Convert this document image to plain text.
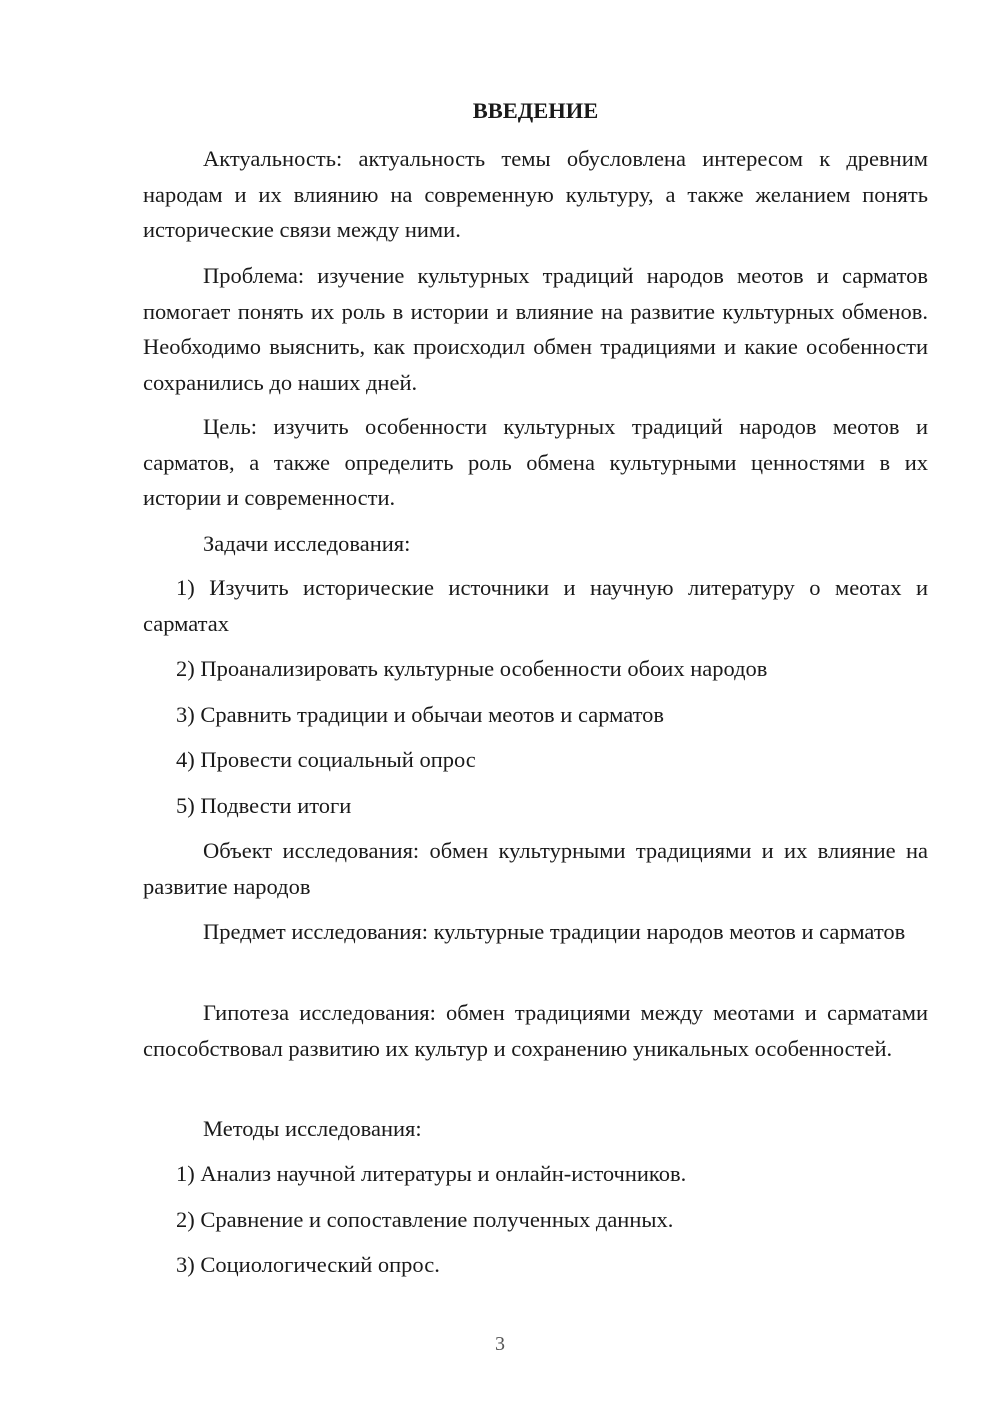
ВВЕДЕНИЕ

Актуальность: актуальность темы обусловлена интересом к древним народам и их влиянию на современную культуру, а также желанием понять исторические связи между ними.

Проблема: изучение культурных традиций народов меотов и сарматов помогает понять их роль в истории и влияние на развитие культурных обменов. Необходимо выяснить, как происходил обмен традициями и какие особенности сохранились до наших дней.

Цель: изучить особенности культурных традиций народов меотов и сарматов, а также определить роль обмена культурными ценностями в их истории и современности.

Задачи исследования:

1) Изучить исторические источники и научную литературу о меотах и сарматах

2) Проанализировать культурные особенности обоих народов

3) Сравнить традиции и обычаи меотов и сарматов

4) Провести социальный опрос

5) Подвести итоги

Объект исследования: обмен культурными традициями и их влияние на развитие народов

Предмет исследования: культурные традиции народов меотов и сарматов

Гипотеза исследования: обмен традициями между меотами и сарматами способствовал развитию их культур и сохранению уникальных особенностей.

Методы исследования:

1) Анализ научной литературы и онлайн-источников.

2) Сравнение и сопоставление полученных данных.

3) Социологический опрос.

3
